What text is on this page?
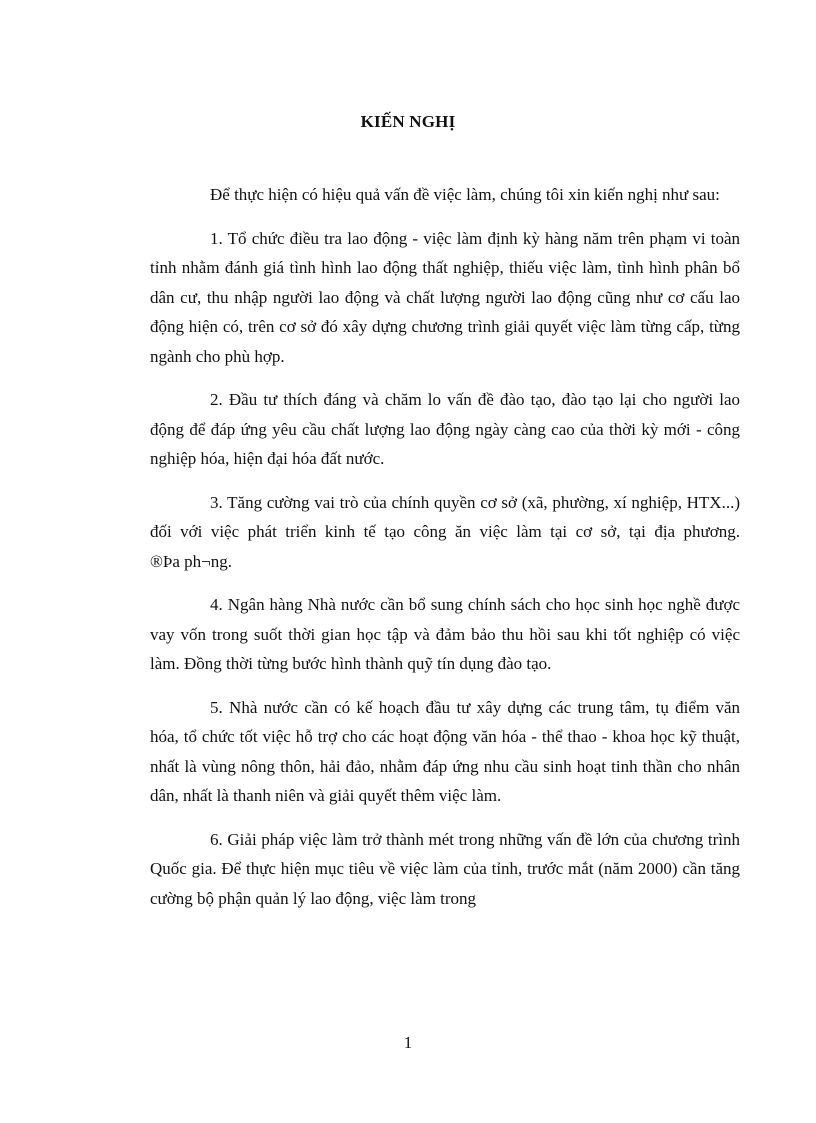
KIẾN NGHỊ

Để thực hiện có hiệu quả vấn đề việc làm, chúng tôi xin kiến nghị như sau:

1. Tổ chức điều tra lao động - việc làm định kỳ hàng năm trên phạm vi toàn tỉnh nhằm đánh giá tình hình lao động thất nghiệp, thiếu việc làm, tình hình phân bổ dân cư, thu nhập người lao động và chất lượng người lao động cũng như cơ cấu lao động hiện có, trên cơ sở đó xây dựng chương trình giải quyết việc làm từng cấp, từng ngành cho phù hợp.

2. Đầu tư thích đáng và chăm lo vấn đề đào tạo, đào tạo lại cho người lao động để đáp ứng yêu cầu chất lượng lao động ngày càng cao của thời kỳ mới - công nghiệp hóa, hiện đại hóa đất nước.

3. Tăng cường vai trò của chính quyền cơ sở (xã, phường, xí nghiệp, HTX...) đối với việc phát triển kinh tế tạo công ăn việc làm tại cơ sở, tại địa phương.

®Þa ph¬ng.

4. Ngân hàng Nhà nước cần bổ sung chính sách cho học sinh học nghề được vay vốn trong suốt thời gian học tập và đảm bảo thu hồi sau khi tốt nghiệp có việc làm. Đồng thời từng bước hình thành quỹ tín dụng đào tạo.

5. Nhà nước cần có kế hoạch đầu tư xây dựng các trung tâm, tụ điểm văn hóa, tổ chức tốt việc hỗ trợ cho các hoạt động văn hóa - thể thao - khoa học kỹ thuật, nhất là vùng nông thôn, hải đảo, nhằm đáp ứng nhu cầu sinh hoạt tinh thần cho nhân dân, nhất là thanh niên và giải quyết thêm việc làm.

6. Giải pháp việc làm trở thành mét trong những vấn đề lớn của chương trình Quốc gia. Để thực hiện mục tiêu về việc làm của tỉnh, trước mắt (năm 2000) cần tăng cường bộ phận quản lý lao động, việc làm trong

1
